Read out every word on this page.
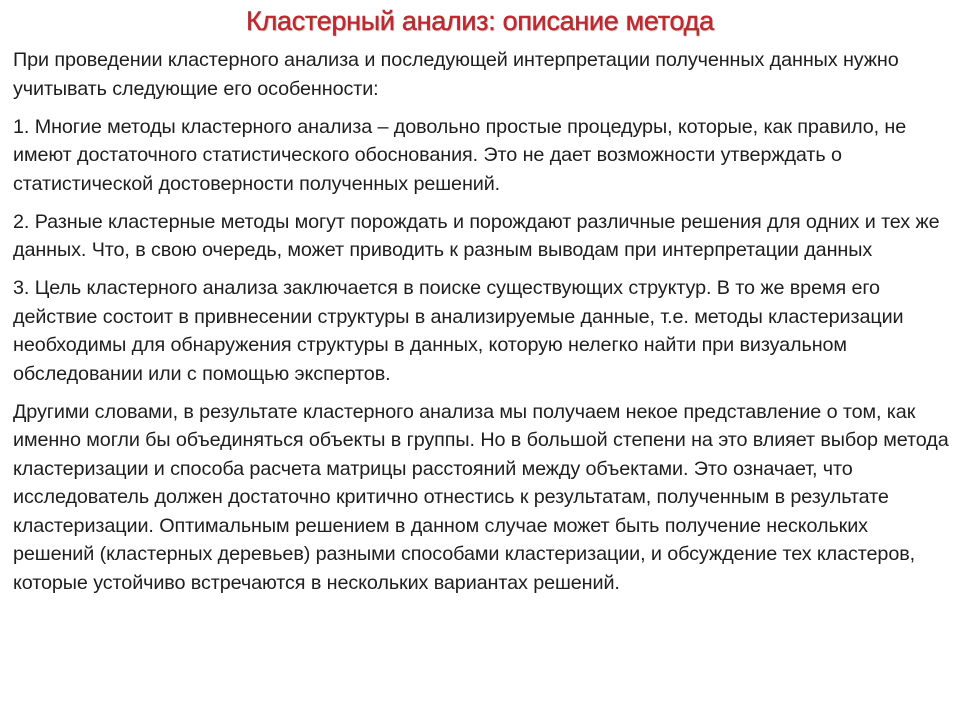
Кластерный анализ: описание метода

При проведении кластерного анализа и последующей интерпретации полученных данных нужно учитывать следующие его особенности:

1. Многие методы кластерного анализа – довольно простые процедуры, которые, как правило, не имеют достаточного статистического обоснования. Это не дает возможности утверждать о статистической достоверности полученных решений.

2. Разные кластерные методы могут порождать и порождают различные решения для одних и тех же данных. Что, в свою очередь, может приводить к разным выводам при интерпретации данных

3. Цель кластерного анализа заключается в поиске существующих структур. В то же время его действие состоит в привнесении структуры в анализируемые данные, т.е. методы кластеризации необходимы для обнаружения структуры в данных, которую нелегко найти при визуальном обследовании или с помощью экспертов.

Другими словами, в результате кластерного анализа мы получаем некое представление о том, как именно могли бы объединяться объекты в группы. Но в большой степени на это влияет выбор метода кластеризации и способа расчета матрицы расстояний между объектами. Это означает, что исследователь должен достаточно критично отнестись к результатам, полученным в результате кластеризации. Оптимальным решением в данном случае может быть получение нескольких решений (кластерных деревьев) разными способами кластеризации, и обсуждение тех кластеров, которые устойчиво встречаются в нескольких вариантах решений.
